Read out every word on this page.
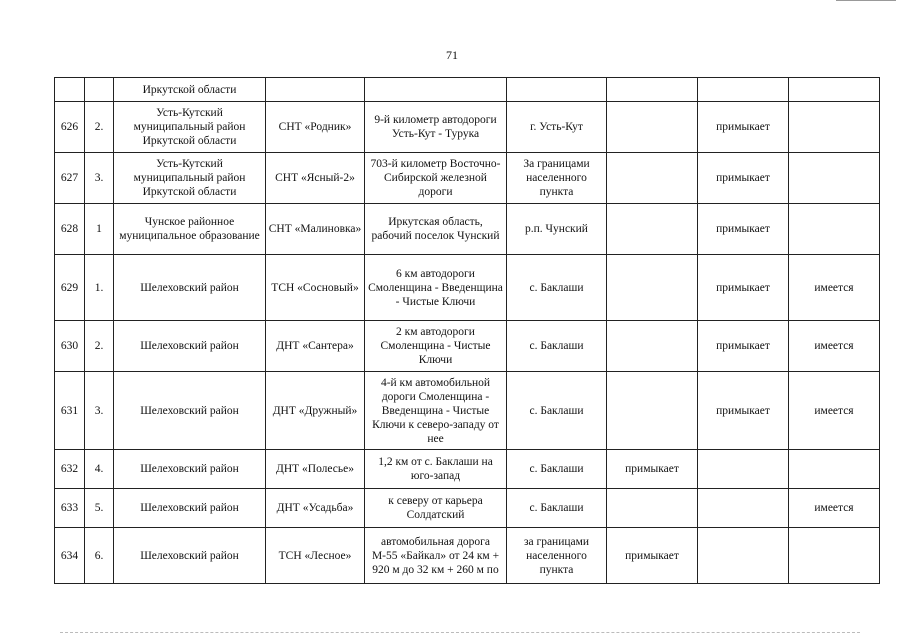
71
		Иркутской области						
626	2.	Усть-Кутский муниципальный район Иркутской области	СНТ «Родник»	9-й километр автодороги Усть-Кут - Турука	г. Усть-Кут		примыкает	
627	3.	Усть-Кутский муниципальный район Иркутской области	СНТ «Ясный-2»	703-й километр Восточно-Сибирской железной дороги	За границами населенного пункта		примыкает	
628	1	Чунское районное муниципальное образование	СНТ «Малиновка»	Иркутская область, рабочий поселок Чунский	р.п. Чунский		примыкает	
629	1.	Шелеховский район	ТСН «Сосновый»	6 км автодороги Смоленщина - Введенщина - Чистые Ключи	с. Баклаши		примыкает	имеется
630	2.	Шелеховский район	ДНТ «Сантера»	2 км автодороги Смоленщина - Чистые Ключи	с. Баклаши		примыкает	имеется
631	3.	Шелеховский район	ДНТ «Дружный»	4-й км автомобильной дороги Смоленщина - Введенщина - Чистые Ключи к северо-западу от нее	с. Баклаши		примыкает	имеется
632	4.	Шелеховский район	ДНТ «Полесье»	1,2 км от с. Баклаши на юго-запад	с. Баклаши	примыкает		
633	5.	Шелеховский район	ДНТ «Усадьба»	к северу от карьера Солдатский	с. Баклаши			имеется
634	6.	Шелеховский район	ТСН «Лесное»	автомобильная дорога М-55 «Байкал» от 24 км + 920 м до 32 км + 260 м по	за границами населенного пункта	примыкает		
